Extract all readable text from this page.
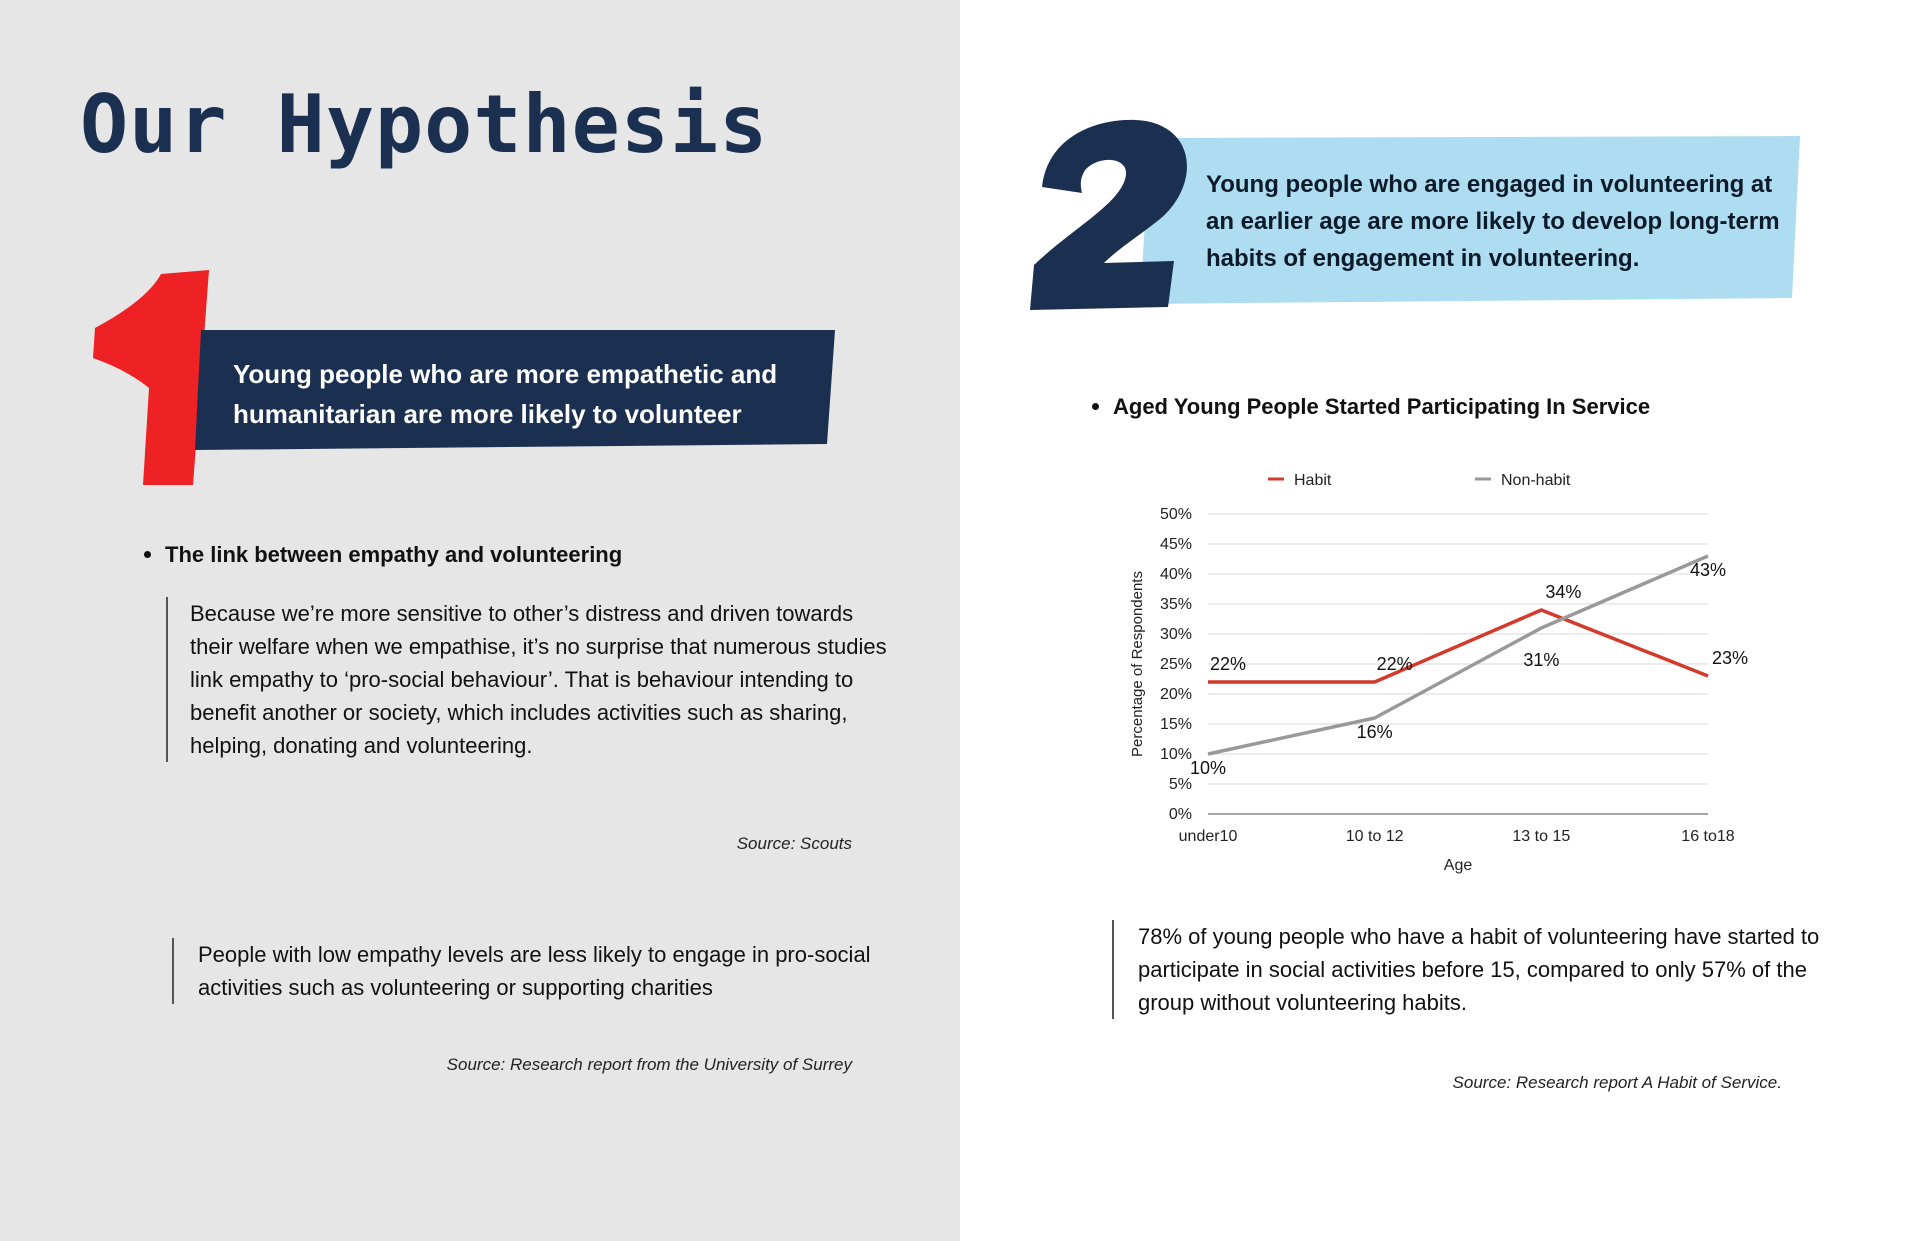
Our Hypothesis
Young people who are more empathetic and humanitarian are more likely to volunteer
The link between empathy and volunteering

Because we’re more sensitive to other’s distress and driven towards their welfare when we empathise, it’s no surprise that numerous studies link empathy to ‘pro-social behaviour’. That is behaviour intending to benefit another or society, which includes activities such as sharing, helping, donating and volunteering.

Source: Scouts

People with low empathy levels are less likely to engage in pro-social activities such as volunteering or supporting charities

Source: Research report from the University of Surrey
Young people who are engaged in volunteering at an earlier age are more likely to develop long-term habits of engagement in volunteering.
Aged Young People Started Participating In Service
0%
5%
10%
15%
20%
25%
30%
35%
40%
45%
50%
under10	10 to 12	13 to 15	16 to18
Age
Percentage of Respondents
Habit	Non-habit
22%	22%
34%
23%
10%
16%
31%
43%

78% of young people who have a habit of volunteering have started to participate in social activities before 15, compared to only 57% of the group without volunteering habits.

Source: Research report A Habit of Service.
